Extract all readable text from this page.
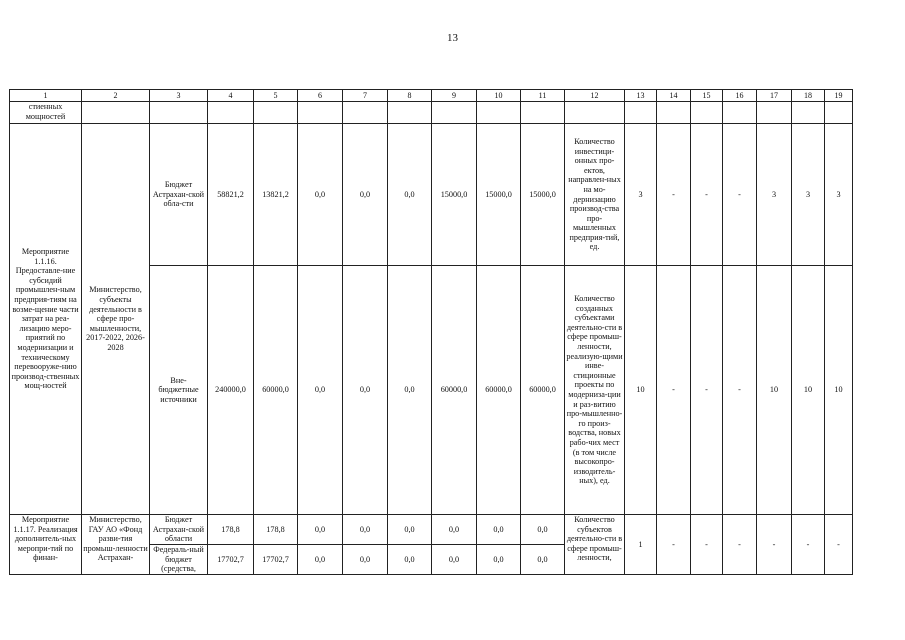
13
1	2	3	4	5	6	7	8	9	10	11	12	13	14	15	16	17	18	19
стиенных мощностей																		
Мероприятие 1.1.16. Предоставле-ние субсидий промышлен-ным предприя-тиям на возме-щение части затрат на реа-лизацию меро-приятий по модернизации и техническому перевооруже-нию производ-ственных мощ-ностей	Министерство, субъекты деятельности в сфере про-мышленности, 2017-2022, 2026-2028	Бюджет Астрахан-ской обла-сти	58821,2	13821,2	0,0	0,0	0,0	15000,0	15000,0	15000,0	Количество инвестици-онных про-ектов, направлен-ных на мо-дернизацию производ-ства про-мышленных предприя-тий, ед.	3	-	-	-	3	3	3
		Вне-бюджетные источники	240000,0	60000,0	0,0	0,0	0,0	60000,0	60000,0	60000,0	Количество созданных субъектами деятельно-сти в сфере промыш-ленности, реализую-щими инве-стиционные проекты по модерниза-ции и раз-витию про-мышленно-го произ-водства, новых рабо-чих мест (в том числе высокопро-изводитель-ных), ед.	10	-	-	-	10	10	10

Мероприятие 1.1.17. Реализация дополнитель-ных меропри-тий по финан-	Министерство, ГАУ АО «Фонд разви-тия промыш-ленности Астрахан-	Бюджет Астрахан-ской области	178,8	178,8	0,0	0,0	0,0	0,0	0,0	0,0	Количество субъектов деятельно-сти в сфере промыш-ленности,	1	-	-	-	-	-	-
		Федераль-ный бюджет (средства,	17702,7	17702,7	0,0	0,0	0,0	0,0	0,0	0,0								
